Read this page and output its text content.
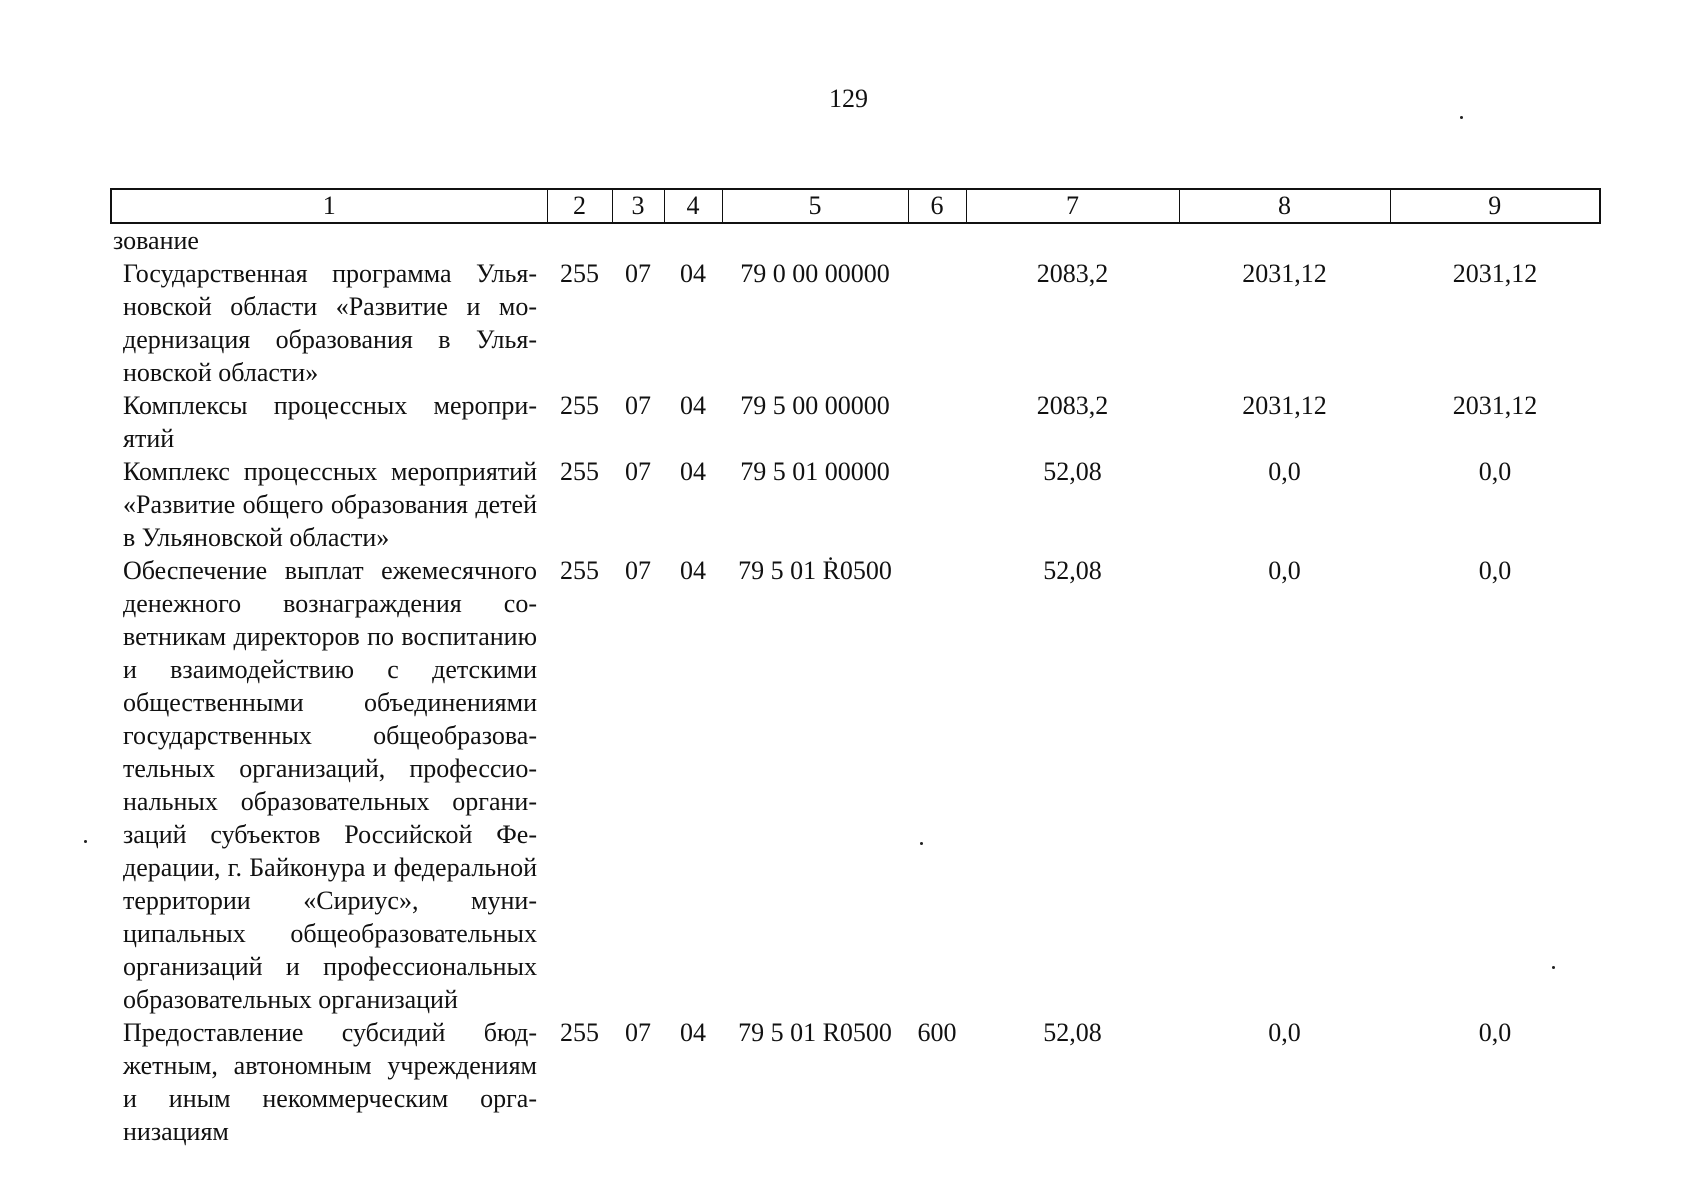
129
1	2	3	4	5	6	7	8	9
зование								
Государственная программа Ульяновской области «Развитие и модернизация образования в Ульяновской области»	255	07	04	79 0 00 00000		2083,2	2031,12	2031,12
Комплексы процессных мероприятий	255	07	04	79 5 00 00000		2083,2	2031,12	2031,12
Комплекс процессных мероприятий «Развитие общего образования детей в Ульяновской области»	255	07	04	79 5 01 00000		52,08	0,0	0,0
Обеспечение выплат ежемесячного денежного вознаграждения советникам директоров по воспитанию и взаимодействию с детскими общественными объединениями государственных общеобразовательных организаций, профессиональных образовательных организаций субъектов Российской Федерации, г. Байконура и федеральной территории «Сириус», муниципальных общеобразовательных организаций и профессиональных образовательных организаций	255	07	04	79 5 01 Ṙ0500		52,08	0,0	0,0
Предоставление субсидий бюджетным, автономным учреждениям и иным некоммерческим организациям	255	07	04	79 5 01 R0500	600	52,08	0,0	0,0
